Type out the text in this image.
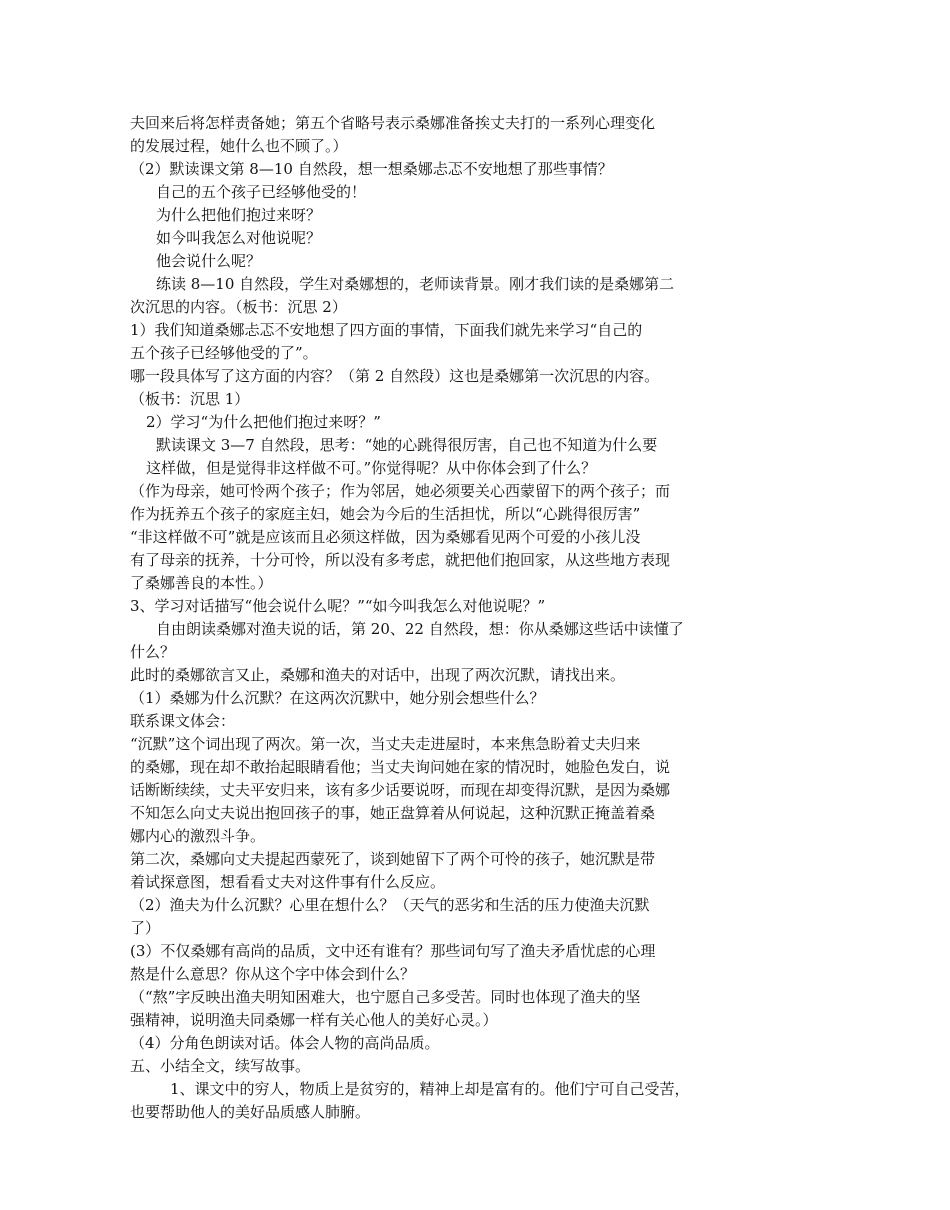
夫回来后将怎样责备她；第五个省略号表示桑娜准备挨丈夫打的一系列心理变化
的发展过程，她什么也不顾了。）
（2）默读课文第 8—10 自然段，想一想桑娜忐忑不安地想了那些事情？
自己的五个孩子已经够他受的！
为什么把他们抱过来呀？
如今叫我怎么对他说呢？
他会说什么呢？
练读 8—10 自然段，学生对桑娜想的，老师读背景。刚才我们读的是桑娜第二
次沉思的内容。（板书：沉思 2）
1）我们知道桑娜忐忑不安地想了四方面的事情，下面我们就先来学习“自己的
五个孩子已经够他受的了”。
哪一段具体写了这方面的内容？（第 2 自然段）这也是桑娜第一次沉思的内容。
（板书：沉思 1）
2）学习“为什么把他们抱过来呀？”
默读课文 3—7 自然段，思考：“她的心跳得很厉害，自己也不知道为什么要
这样做，但是觉得非这样做不可。”你觉得呢？从中你体会到了什么？
（作为母亲，她可怜两个孩子；作为邻居，她必须要关心西蒙留下的两个孩子；而
作为抚养五个孩子的家庭主妇，她会为今后的生活担忧，所以“心跳得很厉害”
“非这样做不可”就是应该而且必须这样做，因为桑娜看见两个可爱的小孩儿没
有了母亲的抚养，十分可怜，所以没有多考虑，就把他们抱回家，从这些地方表现
了桑娜善良的本性。）
3、学习对话描写“他会说什么呢？”“如今叫我怎么对他说呢？”
自由朗读桑娜对渔夫说的话，第 20、22 自然段，想：你从桑娜这些话中读懂了
什么？
此时的桑娜欲言又止，桑娜和渔夫的对话中，出现了两次沉默，请找出来。
（1）桑娜为什么沉默？在这两次沉默中，她分别会想些什么？
联系课文体会：
“沉默”这个词出现了两次。第一次，当丈夫走进屋时，本来焦急盼着丈夫归来
的桑娜，现在却不敢抬起眼睛看他；当丈夫询问她在家的情况时，她脸色发白，说
话断断续续，丈夫平安归来，该有多少话要说呀，而现在却变得沉默，是因为桑娜
不知怎么向丈夫说出抱回孩子的事，她正盘算着从何说起，这种沉默正掩盖着桑
娜内心的激烈斗争。
第二次，桑娜向丈夫提起西蒙死了，谈到她留下了两个可怜的孩子，她沉默是带
着试探意图，想看看丈夫对这件事有什么反应。
（2）渔夫为什么沉默？心里在想什么？（天气的恶劣和生活的压力使渔夫沉默
了）
(3）不仅桑娜有高尚的品质，文中还有谁有？那些词句写了渔夫矛盾忧虑的心理
熬是什么意思？你从这个字中体会到什么？
（“熬”字反映出渔夫明知困难大，也宁愿自己多受苦。同时也体现了渔夫的坚
强精神，说明渔夫同桑娜一样有关心他人的美好心灵。）
（4）分角色朗读对话。体会人物的高尚品质。
五、小结全文，续写故事。
1、课文中的穷人，物质上是贫穷的，精神上却是富有的。他们宁可自己受苦，
也要帮助他人的美好品质感人肺腑。
